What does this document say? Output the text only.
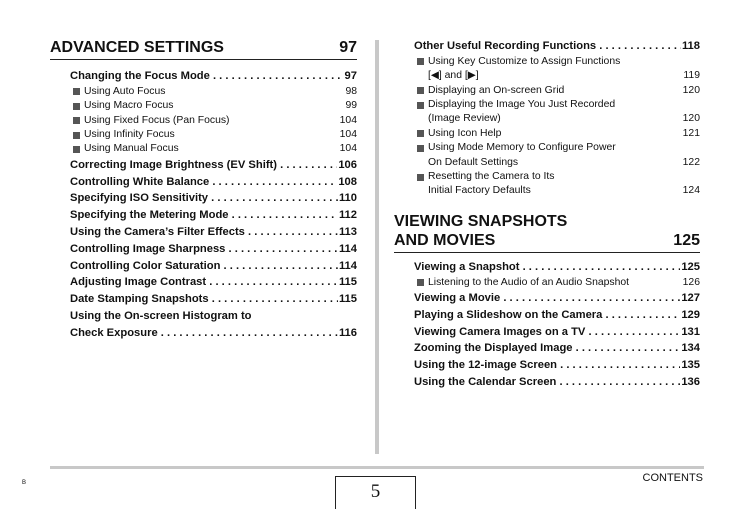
ADVANCED SETTINGS	97
Changing the Focus Mode . . .	97
Using Auto Focus	98
Using Macro Focus	99
Using Fixed Focus (Pan Focus)	104
Using Infinity Focus	104
Using Manual Focus	104
Correcting Image Brightness (EV Shift) . . .	106
Controlling White Balance . . .	108
Specifying ISO Sensitivity . . .	110
Specifying the Metering Mode . . .	112
Using the Camera’s Filter Effects . . .	113
Controlling Image Sharpness . . .	114
Controlling Color Saturation . . .	114
Adjusting Image Contrast . . .	115
Date Stamping Snapshots . . .	115
Using the On-screen Histogram to
Check Exposure . . .	116
Other Useful Recording Functions . . .	118
Using Key Customize to Assign Functions
[◀] and [▶]	119
Displaying an On-screen Grid	120
Displaying the Image You Just Recorded
(Image Review)	120
Using Icon Help	121
Using Mode Memory to Configure Power
On Default Settings	122
Resetting the Camera to Its
Initial Factory Defaults	124
VIEWING SNAPSHOTS
AND MOVIES	125
Viewing a Snapshot . . .	125
Listening to the Audio of an Audio Snapshot	126
Viewing a Movie . . .	127
Playing a Slideshow on the Camera . . .	129
Viewing Camera Images on a TV . . .	131
Zooming the Displayed Image . . .	134
Using the 12-image Screen . . .	135
Using the Calendar Screen . . .	136
B	5
CONTENTS
